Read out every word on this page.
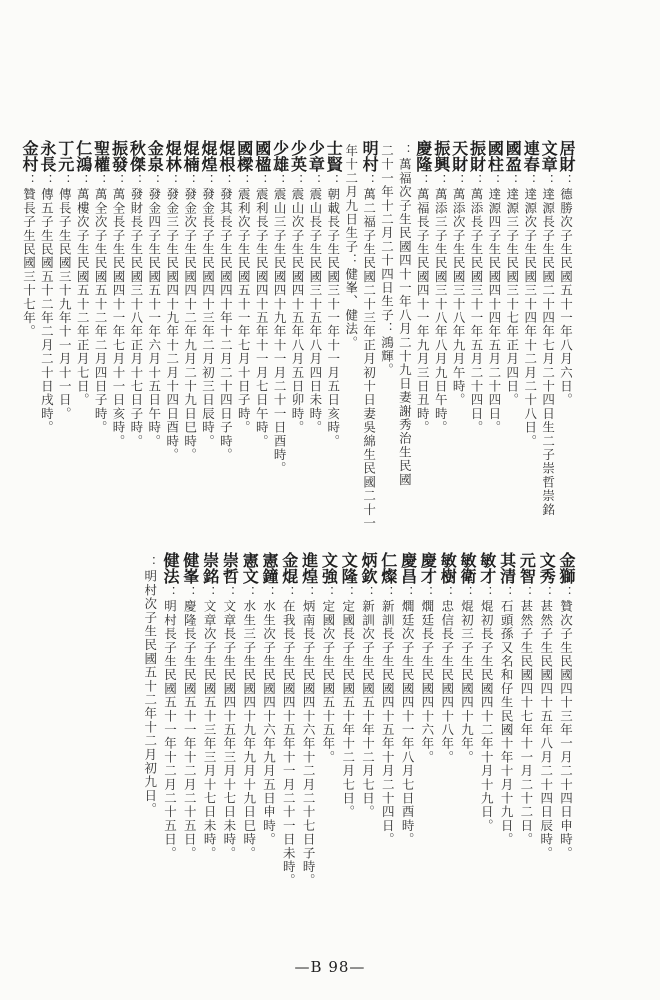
居財
：德勝次子生民國五十一年八月六日。
文章
：達源長子生民國二十四年七月二十四日生二子崇哲崇銘
連春
：達源次子生民國三十四年十二月二十八日。
國盈
：達源三子生民國三十七年正月四日。
國柱
：達源四子生民國四十四年五月二十四日。
振財
：萬添長子生民國三十一年五月二十四日。
天財
：萬添次子生民國三十八年九月午時。
振興
：萬添三子生民國三十八年八月九日午時。
慶隆
：萬福長子生民國四十一年九月三日丑時。
：萬福次子生民國四十一年八月二十九日妻謝秀治生民國
二十一年十二月二十四日生子：鴻輝。
明村
：萬二福子生民國二十三年正月初十日妻吳綿生民國二十一
年十二月九日生子：健峯、健法。
士賢
：朝載長子生民國三十一年十一月五日亥時。
少章
：震山長子生民國三十五年八月四日未時。
少英
：震山次子生民國四十五年八月五日卯時。
少雄
：震山三子生民國四十九年十一月二十一日酉時。
國楹
：震利長子生民國四十五年十一月七日午時。
國樑
：震利次子生民國五十一年七月十日子時。
焜根
：發其長子生民國四十年十二月二十四日子時。
焜煌
：發金長子生民國四十三年二月初三日辰時。
焜楠
：發金次子生民國四十二年九月二十九日巳時。
焜林
：發金三子生民國四十九年十二月十四日酉時。
金泉
：發金四子生民國五十一年六月十五日午時。
秋傑
：發財長子生民國三十八年正月十七日子時。
振發
：萬全長子生民國四十一年七月十一日亥時。
聖權
：萬全次子生民國五十二年二月四日子時。
仁鴻
：萬樓次子生民國五十二年正月七日。
丁元
：傳長子生民國三十九年十一月十一日。
永長
：傳五子生民國五十二年二月二十日戌時。
金村
：贊長子生民國三十七年。
金獅
：贊次子生民國四十三年一月二十四日申時。
文秀
：甚然子生民國四十五年八月二十四日辰時。
元智
：甚然子生民國四十七年十一月二十二日。
其清
：石頭孫又名和仔生民國十年十月十九日。
敏才
：焜初長子生民國四十二年十月十九日。
敏衛
：焜初三子生民國四十九年。
敏樹
：忠信長子生民國四十八年。
慶才
：燗廷長子生民國四十六年。
慶昌
：燗廷次子生民國四十一年八月七日酉時。
仁燦
：新訓長子生民國四十五年十月二十四日。
炳欽
：新訓次子生民國五十年十二月七日。
文隆
：定國長子生民國五十年十二月七日。
文強
：定國次子生民國五十五年。
進煌
：炳南長子生民國四十六年十二月二十七日子時。
金焜
：在我長子生民國四十五年十一月二十一日未時。
憲鐘
：水生次子生民國四十六年九月五日申時。
憲文
：水生三子生民國四十九年九月十九日巳時。
崇哲
：文章長子生民國四十五年三月十七日未時。
崇銘
：文章次子生民國五十三年三月十七日未時。
健峯
：慶隆長子生民國五十一年十二月二十五日。
健法
：明村長子生民國五十一年十二月二十五日。
：明村次子生民國五十二年十二月初九日。
—B 98—
